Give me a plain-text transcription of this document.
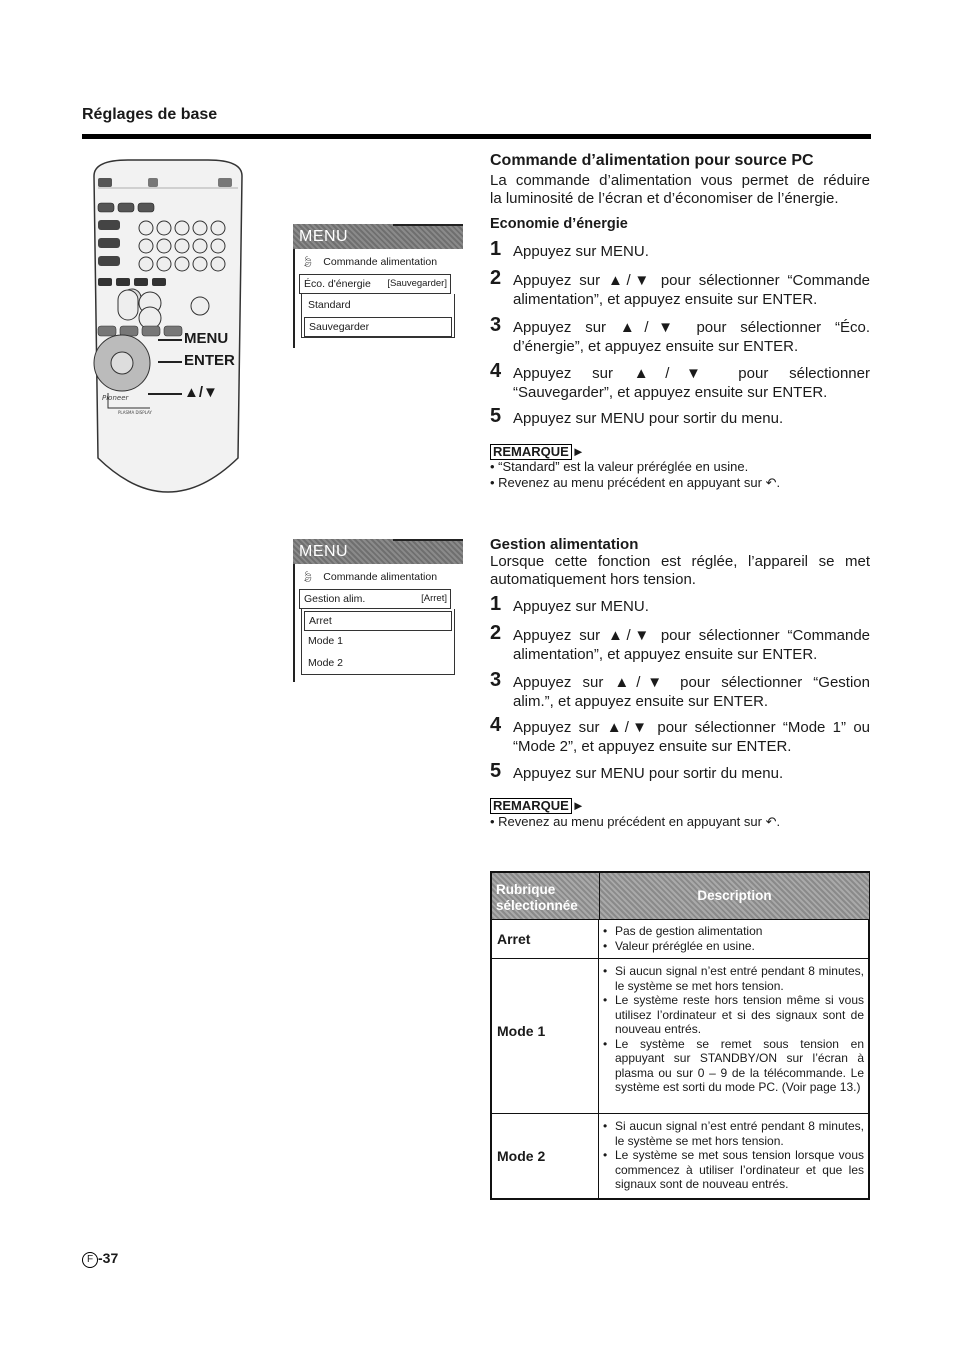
Réglages de base
Pioneer
PLASMA DISPLAY
MENU
ENTER
▲/▼
MENU
🍃︎ Commande alimentation
Éco. d'énergie [Sauvegarder]
Standard
Sauvegarder
MENU
🍃︎ Commande alimentation
Gestion alim.	[Arret]
Arret
Mode 1
Mode 2
Commande d’alimentation pour source PC
La commande d’alimentation vous permet de réduire
la luminosité de l’écran et d’économiser de l’énergie.
Economie d’énergie
1 Appuyez sur MENU.
2 Appuyez sur ▲/▼ pour sélectionner “Commande
alimentation”, et appuyez ensuite sur ENTER.
3 Appuyez sur ▲/▼ pour sélectionner “Éco.
d’énergie”, et appuyez ensuite sur ENTER.
4 Appuyez sur ▲/▼ pour sélectionner
“Sauvegarder”, et appuyez ensuite sur ENTER.
5 Appuyez sur MENU pour sortir du menu.
REMARQUE ►
• “Standard” est la valeur préréglée en usine.
• Revenez au menu précédent en appuyant sur ↶.
Gestion alimentation
Lorsque cette fonction est réglée, l’appareil se met
automatiquement hors tension.
1 Appuyez sur MENU.
2 Appuyez sur ▲/▼ pour sélectionner “Commande
alimentation”, et appuyez ensuite sur ENTER.
3 Appuyez sur ▲/▼ pour sélectionner “Gestion
alim.”, et appuyez ensuite sur ENTER.
4 Appuyez sur ▲/▼ pour sélectionner “Mode 1” ou
“Mode 2”, et appuyez ensuite sur ENTER.
5 Appuyez sur MENU pour sortir du menu.
REMARQUE ►
• Revenez au menu précédent en appuyant sur ↶.
Rubrique sélectionnée
Description
Arret
•	Pas de gestion alimentation
• Valeur préréglée en usine.
Mode 1
• Si aucun signal n’est entré pendant 8 minutes, le système se met hors tension.
• Le système reste hors tension même si vous utilisez l’ordinateur et si des signaux sont de nouveau entrés.
• Le système se remet sous tension en appuyant sur STANDBY/ON sur l’écran à plasma ou sur 0 – 9 de la télécommande. Le système est sorti du mode PC. (Voir page 13.)
Mode 2
• Si aucun signal n’est entré pendant 8 minutes, le système se met hors tension.
• Le système se met sous tension lorsque vous commencez à utiliser l’ordinateur et que les signaux sont de nouveau entrés.
F -37
